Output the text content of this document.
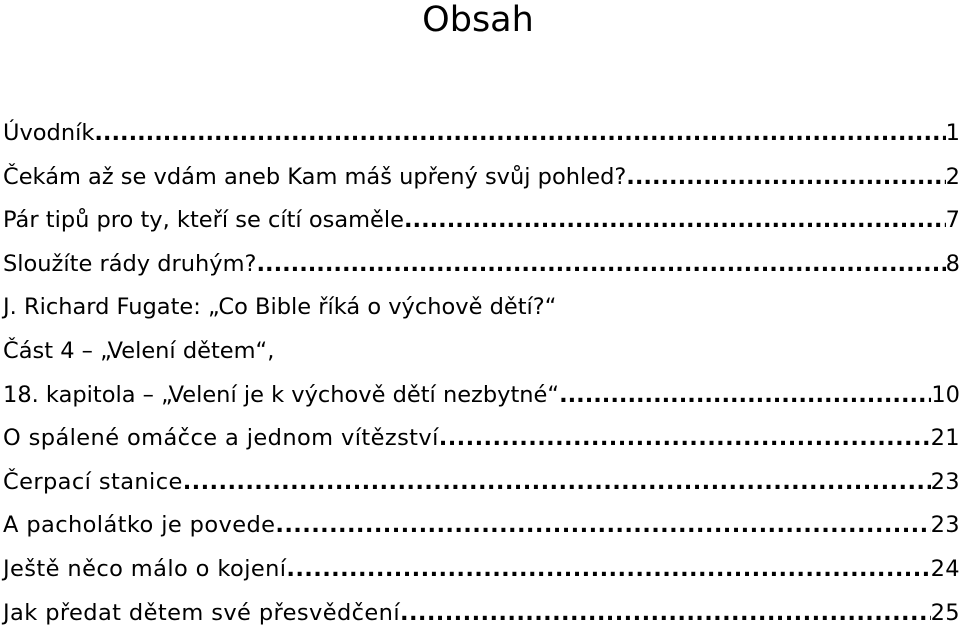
Obsah
Úvodník .....	1
Čekám až se vdám aneb Kam máš upřený svůj pohled? .....	2
Pár tipů pro ty, kteří se cítí osaměle .....	7
Sloužíte rády druhým? .....	8
J. Richard Fugate: „Co Bible říká o výchově dětí?“
Část 4 – „Velení dětem“,
18. kapitola – „Velení je k výchově dětí nezbytné“ .....	10
O spálené omáčce a jednom vítězství .....	21
Čerpací stanice .....	23
A pacholátko je povede .....	23
Ještě něco málo o kojení .....	24
Jak předat dětem své přesvědčení .....	25
